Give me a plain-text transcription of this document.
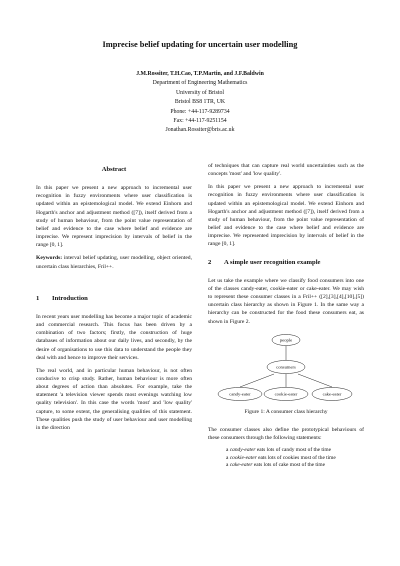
Imprecise belief updating for uncertain user modelling
J.M.Rossiter, T.H.Cao, T.P.Martin, and J.F.Baldwin
Department of Engineering Mathematics
University of Bristol
Bristol BS8 1TR, UK
Phone: +44-117-9289734
Fax: +44-117-9251154
Jonathan.Rossiter@bris.ac.uk
Abstract

In this paper we present a new approach to incremental user recognition in fuzzy environments where user classification is updated within an epistemological model. We extend Einhorn and Hogarth's anchor and adjustment method ([7]), itself derived from a study of human behaviour, from the point value representation of belief and evidence to the case where belief and evidence are imprecise. We represent imprecision by intervals of belief in the range [0, 1].

Keywords: interval belief updating, user modelling, object oriented, uncertain class hierarchies, Fril++.

1 Introduction

In recent years user modelling has become a major topic of academic and commercial research. This focus has been driven by a combination of two factors; firstly, the construction of huge databases of information about our daily lives, and secondly, by the desire of organisations to use this data to understand the people they deal with and hence to improve their services.

The real world, and in particular human behaviour, is not often conducive to crisp study. Rather, human behaviour is more often about degrees of action than absolutes. For example, take the statement 'a television viewer spends most evenings watching low quality television'. In this case the words 'most' and 'low quality' capture, to some extent, the generalising qualities of this statement. These qualities push the study of user behaviour and user modelling in the direction

of techniques that can capture real world uncertainties such as the concepts 'most' and 'low quality'.

In this paper we present a new approach to incremental user recognition in fuzzy environments where user classification is updated within an epistemological model. We extend Einhorn and Hogarth's anchor and adjustment method ([7]), itself derived from a study of human behaviour, from the point value representation of belief and evidence to the case where belief and evidence are imprecise. We represented imprecision by intervals of belief in the range [0, 1].

2 A simple user recognition example

Let us take the example where we classify food consumers into one of the classes candy-eater, cookie-eater or cake-eater. We may wish to represent these consumer classes in a Fril++ ([2],[3],[4],[10],[5]) uncertain class hierarchy as shown in Figure 1. In the same way a hierarchy can be constructed for the food these consumers eat, as shown in Figure 2.

people
consumers
candy-eater	cookie-eater	cake-eater
Figure 1: A consumer class hierarchy

The consumer classes also define the prototypical behaviours of these consumers through the following statements:

a candy-eater eats lots of candy most of the time
a cookie-eater eats lots of cookies most of the time
a cake-eater eats lots of cake most of the time
